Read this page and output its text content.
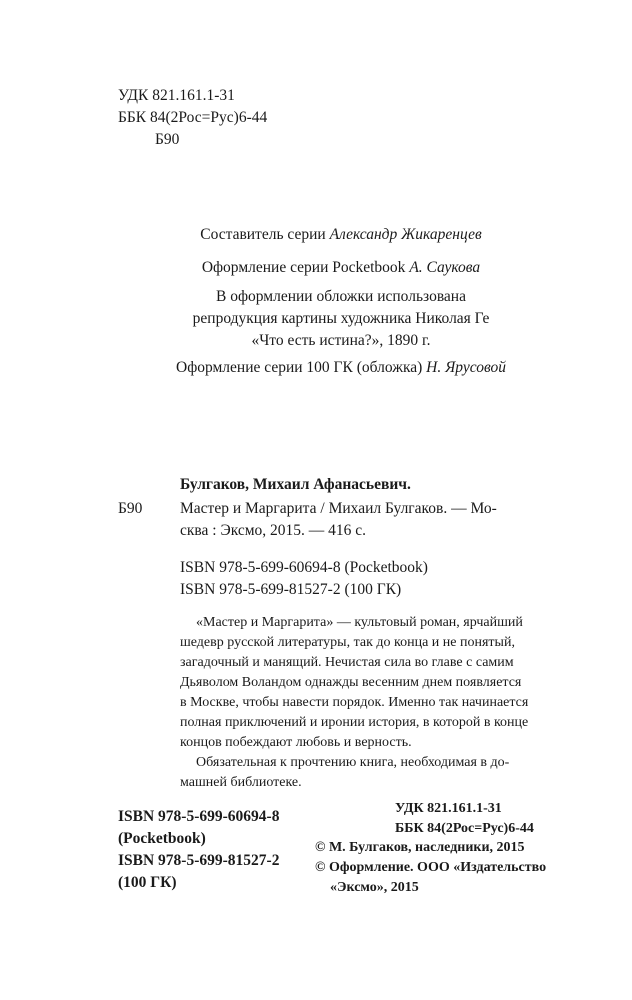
УДК 821.161.1-31
ББК 84(2Рос=Рус)6-44
Б90
Составитель серии Александр Жикаренцев
Оформление серии Pocketbook А. Саукова
В оформлении обложки использована
репродукция картины художника Николая Ге
«Что есть истина?», 1890 г.
Оформление серии 100 ГК (обложка) Н. Ярусовой
Булгаков, Михаил Афанасьевич.
Б90 Мастер и Маргарита / Михаил Булгаков. — Мо-
сква : Эксмо, 2015. — 416 с.
ISBN 978-5-699-60694-8 (Pocketbook)
ISBN 978-5-699-81527-2 (100 ГК)
«Мастер и Маргарита» — культовый роман, ярчайший
шедевр русской литературы, так до конца и не понятый,
загадочный и манящий. Нечистая сила во главе с самим
Дьяволом Воландом однажды весенним днем появляется
в Москве, чтобы навести порядок. Именно так начинается
полная приключений и иронии история, в которой в конце
концов побеждают любовь и верность.
Обязательная к прочтению книга, необходимая в до-
машней библиотеке.
УДК 821.161.1-31
ББК 84(2Рос=Рус)6-44
ISBN 978-5-699-60694-8
(Pocketbook)
ISBN 978-5-699-81527-2
(100 ГК)
© М. Булгаков, наследники, 2015
© Оформление. ООО «Издательство
«Эксмо», 2015
